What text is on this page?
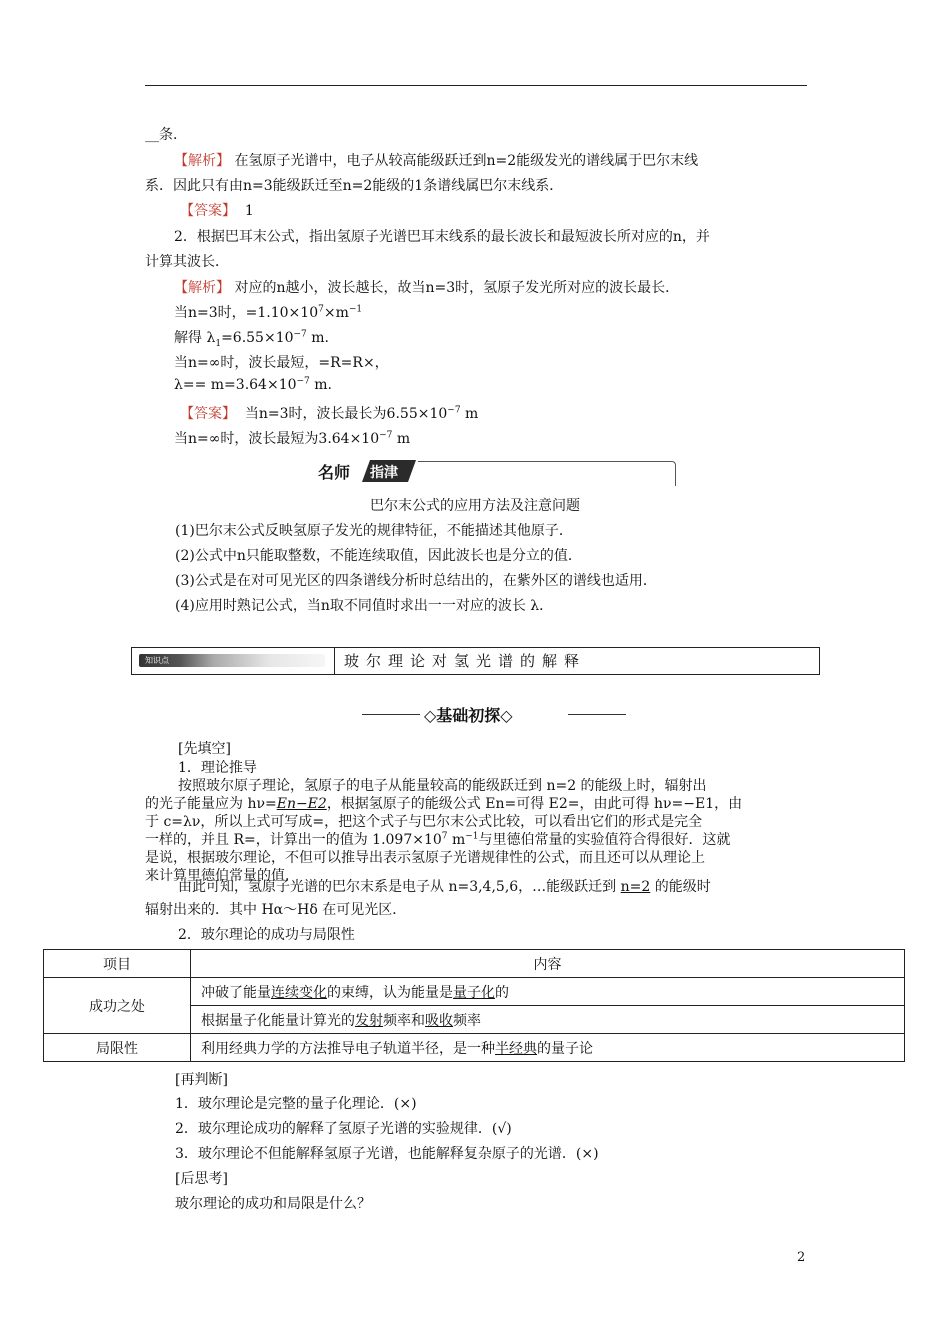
__条.
【解析】 在氢原子光谱中，电子从较高能级跃迁到n=2能级发光的谱线属于巴尔末线
系．因此只有由n=3能级跃迁至n=2能级的1条谱线属巴尔末线系．
【答案】 1
2．根据巴耳末公式，指出氢原子光谱巴耳末线系的最长波长和最短波长所对应的n，并
计算其波长．
【解析】 对应的n越小，波长越长，故当n=3时，氢原子发光所对应的波长最长．
当n=3时，$=1.10\times 10^7\times m^{-1}$
解得 $\lambda_1=6.55\times 10^{-7}$ m.
当n=∞时，波长最短，=R=R×，
$\lambda== m=3.64\times 10^{-7}$ m.
【答案】 当n=3时，波长最长为$6.55\times 10^{-7}$ m
当n=∞时，波长最短为$3.64\times 10^{-7}$ m
名师 指津
巴尔末公式的应用方法及注意问题
(1)巴尔末公式反映氢原子发光的规律特征，不能描述其他原子．
(2)公式中n只能取整数，不能连续取值，因此波长也是分立的值．
(3)公式是在对可见光区的四条谱线分析时总结出的，在紫外区的谱线也适用．
(4)应用时熟记公式，当n取不同值时求出一一对应的波长 λ．
知识点	玻尔理论对氢光谱的解释
◇基础初探◇
[先填空]
1．理论推导
按照玻尔原子理论，氢原子的电子从能量较高的能级跃迁到 n=2 的能级上时，辐射出
的光子能量应为 hν=En−E2，根据氢原子的能级公式 En=可得 E2=，由此可得 hν=−E1，由
于 c=λν，所以上式可写成=，把这个式子与巴尔末公式比较，可以看出它们的形式是完全
一样的，并且 R=，计算出一的值为 $1.097\times 10^7$ $m^{-1}$与里德伯常量的实验值符合得很好．这就
是说，根据玻尔理论，不但可以推导出表示氢原子光谱规律性的公式，而且还可以从理论上
来计算里德伯常量的值．
由此可知，氢原子光谱的巴尔末系是电子从 n=3,4,5,6，…能级跃迁到 n=2 的能级时
辐射出来的．其中 Hα～Hδ 在可见光区．
2．玻尔理论的成功与局限性
项目	内容
成功之处	冲破了能量连续变化的束缚，认为能量是量子化的
	根据量子化能量计算光的发射频率和吸收频率
局限性	利用经典力学的方法推导电子轨道半径，是一种半经典的量子论
[再判断]
1．玻尔理论是完整的量子化理论．(×)
2．玻尔理论成功的解释了氢原子光谱的实验规律．(√)
3．玻尔理论不但能解释氢原子光谱，也能解释复杂原子的光谱．(×)
[后思考]
玻尔理论的成功和局限是什么？
2
